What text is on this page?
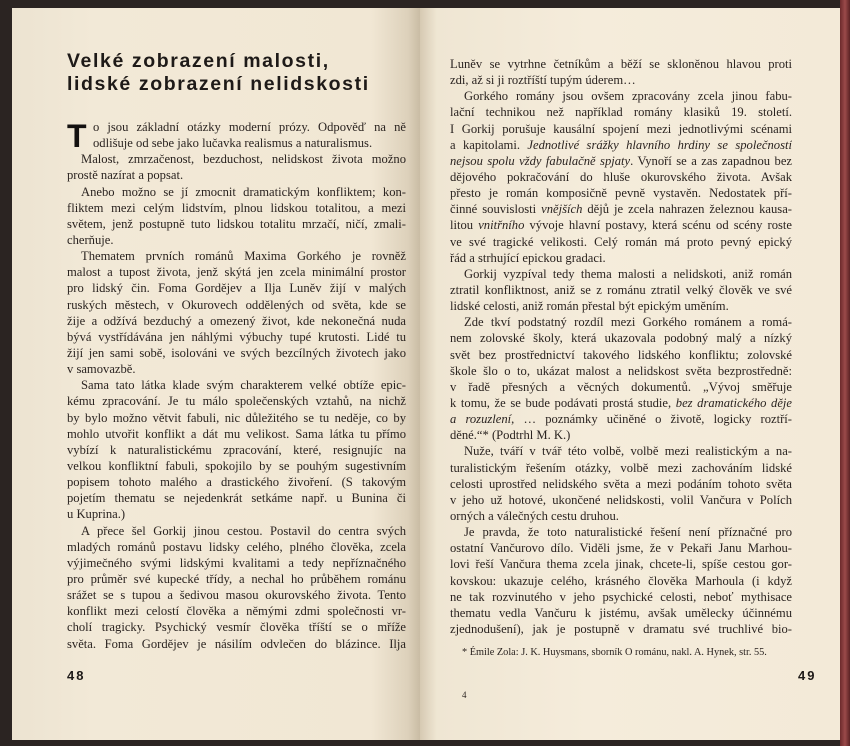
Velké zobrazení malosti,
lidské zobrazení nelidskosti
T o jsou základní otázky moderní prózy. Odpověď na ně
odlišuje od sebe jako lučavka realismus a naturalismus.
Malost, zmrzačenost, bezduchost, nelidskost života možno
prostě nazírat a popsat.
Anebo možno se jí zmocnit dramatickým konfliktem; kon-
fliktem mezi celým lidstvím, plnou lidskou totalitou, a mezi
světem, jenž postupně tuto lidskou totalitu mrzačí, ničí, zmali-
cherňuje.
Thematem prvních románů Maxima Gorkého je rovněž
malost a tupost života, jenž skýtá jen zcela minimální prostor
pro lidský čin. Foma Gordějev a Ilja Luněv žijí v malých
ruských městech, v Okurovech oddělených od světa, kde se
žije a odžívá bezduchý a omezený život, kde nekonečná nuda
bývá vystřídávána jen náhlými výbuchy tupé krutosti. Lidé tu
žijí jen sami sobě, isolováni ve svých bezcílných životech jako
v samovazbě.
Sama tato látka klade svým charakterem velké obtíže epic-
kému zpracování. Je tu málo společenských vztahů, na nichž
by bylo možno větvit fabuli, nic důležitého se tu neděje, co by
mohlo utvořit konflikt a dát mu velikost. Sama látka tu přímo
vybízí k naturalistickému zpracování, které, resignujíc na
velkou konfliktní fabuli, spokojilo by se pouhým sugestivním
popisem tohoto malého a drastického živoření. (S takovým
pojetím thematu se nejedenkrát setkáme např. u Bunina či
u Kuprina.)
A přece šel Gorkij jinou cestou. Postavil do centra svých
mladých románů postavu lidsky celého, plného člověka, zcela
výjimečného svými lidskými kvalitami a tedy nepříznačného
pro průměr své kupecké třídy, a nechal ho průběhem románu
srážet se s tupou a šedivou masou okurovského života. Tento
konflikt mezi celostí člověka a němými zdmi společnosti vr-
cholí tragicky. Psychický vesmír člověka tříští se o mříže
světa. Foma Gordějev je násilím odvlečen do blázince. Ilja
Luněv se vytrhne četníkům a běží se skloněnou hlavou proti
zdi, až si ji roztříští tupým úderem…
Gorkého romány jsou ovšem zpracovány zcela jinou fabu-
lační technikou než například romány klasiků 19. století.
I Gorkij porušuje kausální spojení mezi jednotlivými scénami
a kapitolami. Jednotlivé srážky hlavního hrdiny se společností
nejsou spolu vždy fabulačně spjaty. Vynoří se a zas zapadnou bez
dějového pokračování do hluše okurovského života. Avšak
přesto je román komposičně pevně vystavěn. Nedostatek pří-
činné souvislosti vnějších dějů je zcela nahrazen železnou kausa-
litou vnitřního vývoje hlavní postavy, která scénu od scény roste
ve své tragické velikosti. Celý román má proto pevný epický
řád a strhující epickou gradaci.
Gorkij vyzpíval tedy thema malosti a nelidskoti, aniž román
ztratil konfliktnost, aniž se z románu ztratil velký člověk ve své
lidské celosti, aniž román přestal být epickým uměním.
Zde tkví podstatný rozdíl mezi Gorkého románem a romá-
nem zolovské školy, která ukazovala podobný malý a nízký
svět bez prostřednictví takového lidského konfliktu; zolovské
škole šlo o to, ukázat malost a nelidskost světa bezprostředně:
v řadě přesných a věcných dokumentů. „Vývoj směřuje
k tomu, že se bude podávati prostá studie, bez dramatického děje
a rozuzlení, … poznámky učiněné o životě, logicky roztří-
děné.“* (Podtrhl M. K.)
Nuže, tváří v tvář této volbě, volbě mezi realistickým a na-
turalistickým řešením otázky, volbě mezi zachováním lidské
celosti uprostřed nelidského světa a mezi podáním tohoto světa
v jeho už hotové, ukončené nelidskosti, volil Vančura v Polích
orných a válečných cestu druhou.
Je pravda, že toto naturalistické řešení není příznačné pro
ostatní Vančurovo dílo. Viděli jsme, že v Pekaři Janu Marhou-
lovi řeší Vančura thema zcela jinak, chcete-li, spíše cestou gor-
kovskou: ukazuje celého, krásného člověka Marhoula (i když
ne tak rozvinutého v jeho psychické celosti, neboť mythisace
thematu vedla Vančuru k jistému, avšak umělecky účinnému
zjednodušení), jak je postupně v dramatu své truchlivé bio-
* Émile Zola: J. K. Huysmans, sborník O románu, nakl. A. Hynek, str. 55.
4
48	49
